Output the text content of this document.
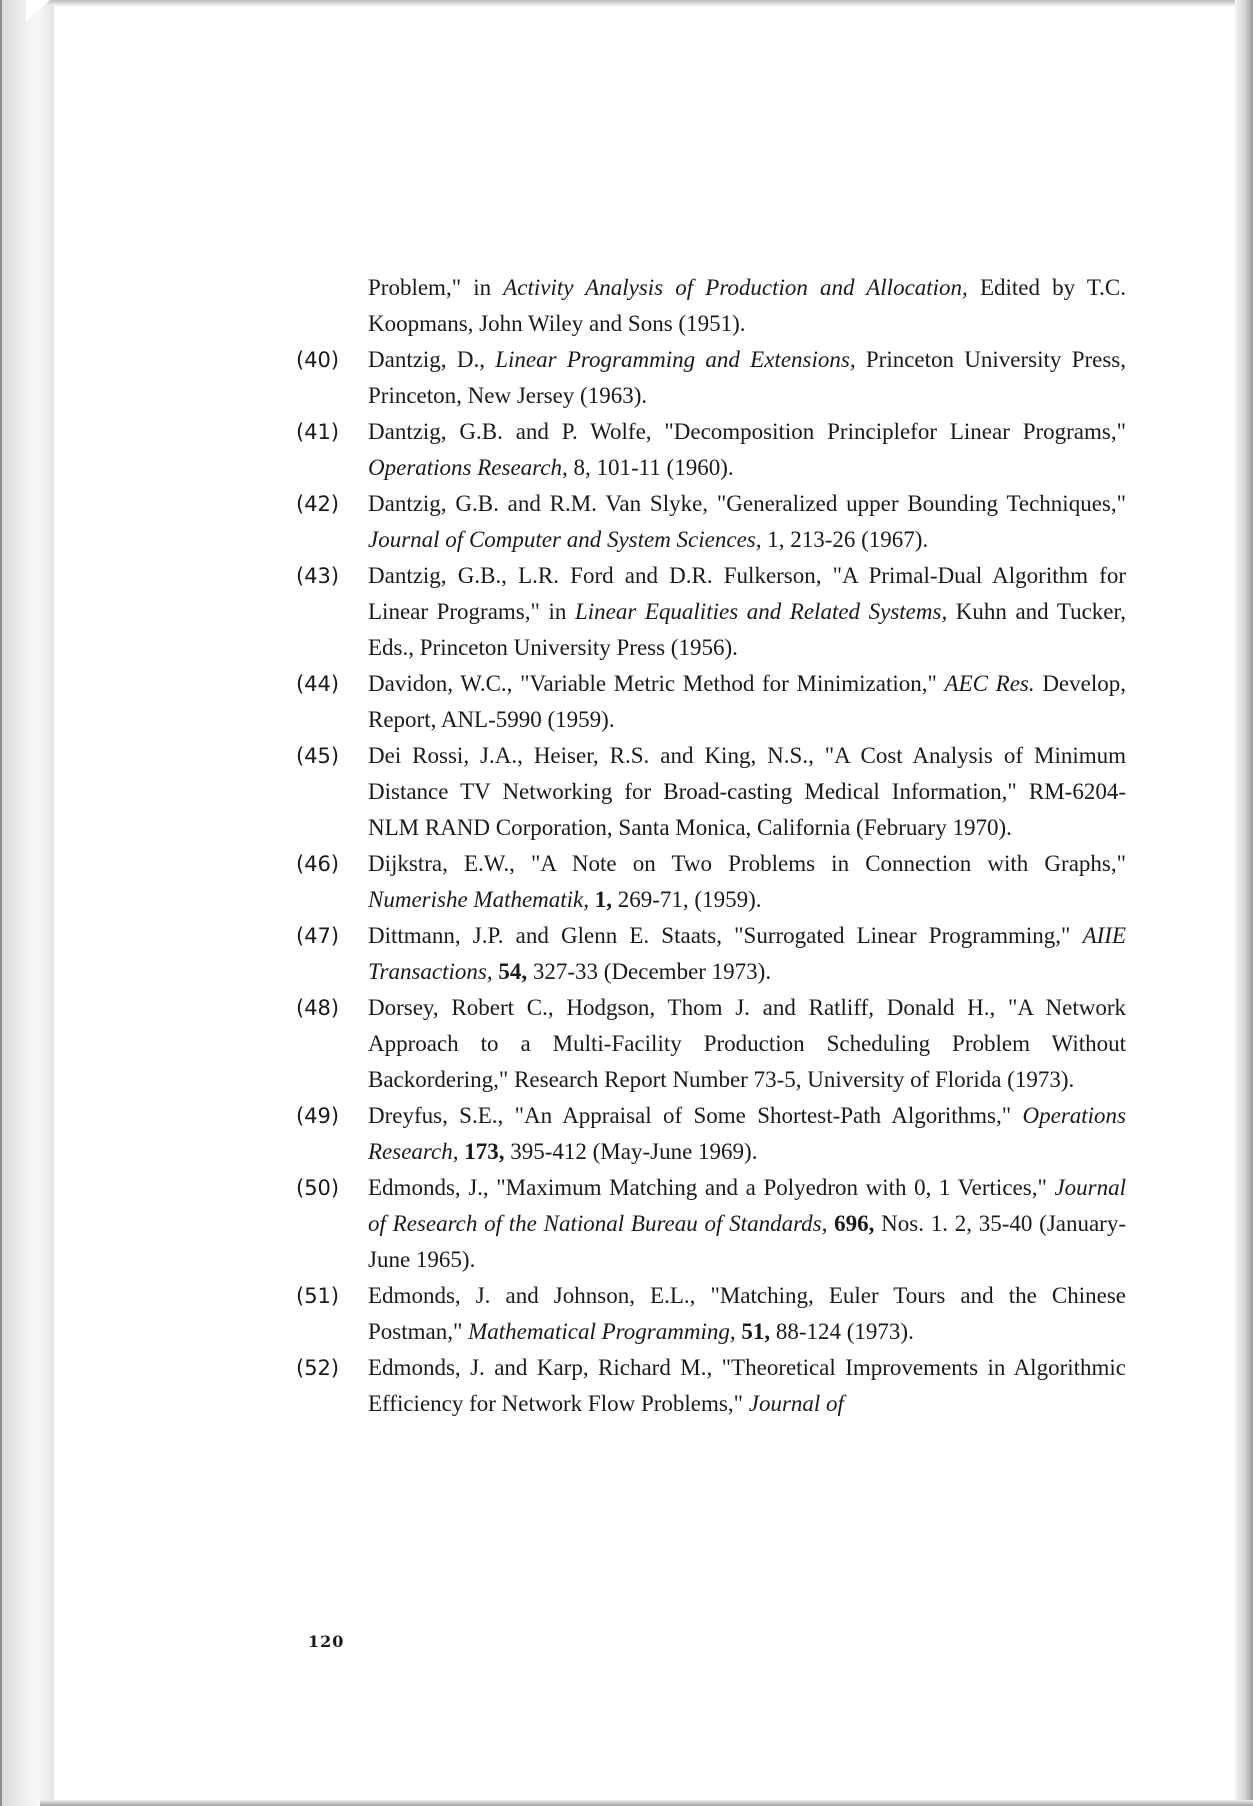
Problem," in Activity Analysis of Production and Allocation, Edited by T.C. Koopmans, John Wiley and Sons (1951).
(40) Dantzig, D., Linear Programming and Extensions, Princeton University Press, Princeton, New Jersey (1963).
(41) Dantzig, G.B. and P. Wolfe, "Decomposition Principlefor Linear Programs," Operations Research, 8, 101-11 (1960).
(42) Dantzig, G.B. and R.M. Van Slyke, "Generalized upper Bounding Techniques," Journal of Computer and System Sciences, 1, 213-26 (1967).
(43) Dantzig, G.B., L.R. Ford and D.R. Fulkerson, "A Primal-Dual Algorithm for Linear Programs," in Linear Equalities and Related Systems, Kuhn and Tucker, Eds., Princeton University Press (1956).
(44) Davidon, W.C., "Variable Metric Method for Minimization," AEC Res. Develop, Report, ANL-5990 (1959).
(45) Dei Rossi, J.A., Heiser, R.S. and King, N.S., "A Cost Analysis of Minimum Distance TV Networking for Broad-casting Medical Information," RM-6204-NLM RAND Corporation, Santa Monica, California (February 1970).
(46) Dijkstra, E.W., "A Note on Two Problems in Connection with Graphs," Numerishe Mathematik, 1, 269-71, (1959).
(47) Dittmann, J.P. and Glenn E. Staats, "Surrogated Linear Programming," AIIE Transactions, 54, 327-33 (December 1973).
(48) Dorsey, Robert C., Hodgson, Thom J. and Ratliff, Donald H., "A Network Approach to a Multi-Facility Production Scheduling Problem Without Backordering," Research Report Number 73-5, University of Florida (1973).
(49) Dreyfus, S.E., "An Appraisal of Some Shortest-Path Algorithms," Operations Research, 173, 395-412 (May-June 1969).
(50) Edmonds, J., "Maximum Matching and a Polyedron with 0, 1 Vertices," Journal of Research of the National Bureau of Standards, 696, Nos. 1. 2, 35-40 (January-June 1965).
(51) Edmonds, J. and Johnson, E.L., "Matching, Euler Tours and the Chinese Postman," Mathematical Programming, 51, 88-124 (1973).
(52) Edmonds, J. and Karp, Richard M., "Theoretical Improvements in Algorithmic Efficiency for Network Flow Problems," Journal of
120
